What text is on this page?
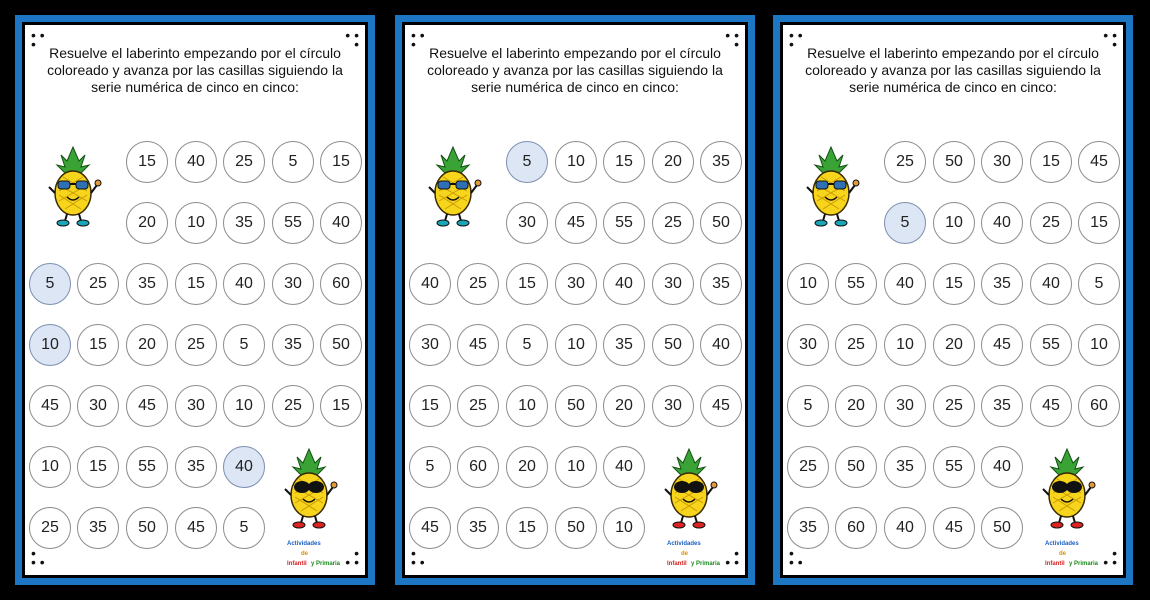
• •
•
• •
•
•
• •
•
• •
Resuelve el laberinto empezando por el círculo
coloreado y avanza por las casillas siguiendo la
serie numérica de cinco en cinco:
15	40	25	5	15
20	10	35	55	40
5	25	35	15	40	30	60
10	15	20	25	5	35	50
45	30	45	30	10	25	15
10	15	55	35	40
25	35	50	45	5
Actividades
de
Infantil y Primaria
• •
•
• •
•
•
• •
•
• •
Resuelve el laberinto empezando por el círculo
coloreado y avanza por las casillas siguiendo la
serie numérica de cinco en cinco:
5	10	15	20	35
30	45	55	25	50
40	25	15	30	40	30	35
30	45	5	10	35	50	40
15	25	10	50	20	30	45
5	60	20	10	40
45	35	15	50	10
Actividades
de
Infantil y Primaria
• •
•
• •
•
•
• •
•
• •
Resuelve el laberinto empezando por el círculo
coloreado y avanza por las casillas siguiendo la
serie numérica de cinco en cinco:
25	50	30	15	45
5	10	40	25	15
10	55	40	15	35	40	5
30	25	10	20	45	55	10
5	20	30	25	35	45	60
25	50	35	55	40
35	60	40	45	50
Actividades
de
Infantil y Primaria
